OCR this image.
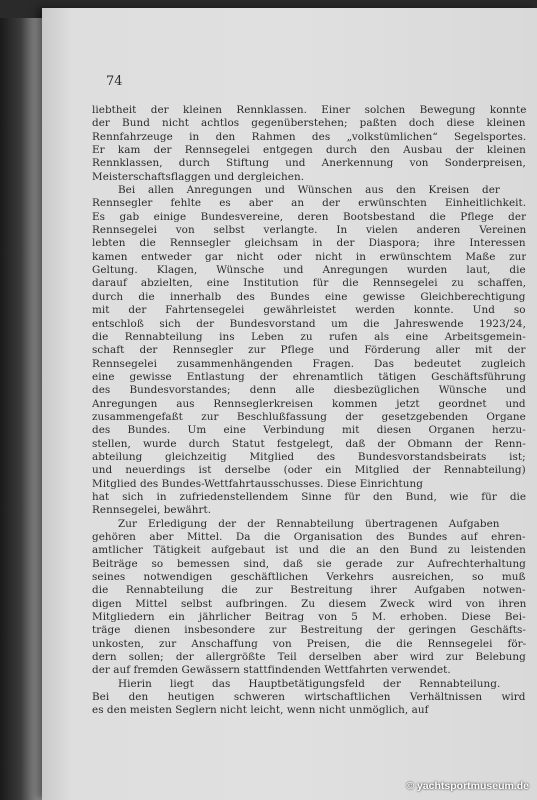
74
liebtheit der kleinen Rennklassen. Einer solchen Bewegung konnte
der Bund nicht achtlos gegenüberstehen; paßten doch diese kleinen
Rennfahrzeuge in den Rahmen des „volkstümlichen“ Segelsportes.
Er kam der Rennsegelei entgegen durch den Ausbau der kleinen
Rennklassen, durch Stiftung und Anerkennung von Sonderpreisen,
Meisterschaftsflaggen und dergleichen.
Bei allen Anregungen und Wünschen aus den Kreisen der
Rennsegler fehlte es aber an der erwünschten Einheitlichkeit.
Es gab einige Bundesvereine, deren Bootsbestand die Pflege der
Rennsegelei von selbst verlangte. In vielen anderen Vereinen
lebten die Rennsegler gleichsam in der Diaspora; ihre Interessen
kamen entweder gar nicht oder nicht in erwünschtem Maße zur
Geltung. Klagen, Wünsche und Anregungen wurden laut, die
darauf abzielten, eine Institution für die Rennsegelei zu schaffen,
durch die innerhalb des Bundes eine gewisse Gleichberechtigung
mit der Fahrtensegelei gewährleistet werden konnte. Und so
entschloß sich der Bundesvorstand um die Jahreswende 1923/24,
die Rennabteilung ins Leben zu rufen als eine Arbeitsgemein-
schaft der Rennsegler zur Pflege und Förderung aller mit der
Rennsegelei zusammenhängenden Fragen. Das bedeutet zugleich
eine gewisse Entlastung der ehrenamtlich tätigen Geschäftsführung
des Bundesvorstandes; denn alle diesbezüglichen Wünsche und
Anregungen aus Rennseglerkreisen kommen jetzt geordnet und
zusammengefaßt zur Beschlußfassung der gesetzgebenden Organe
des Bundes. Um eine Verbindung mit diesen Organen herzu-
stellen, wurde durch Statut festgelegt, daß der Obmann der Renn-
abteilung gleichzeitig Mitglied des Bundesvorstandsbeirats ist;
und neuerdings ist derselbe (oder ein Mitglied der Rennabteilung)
Mitglied des Bundes-Wettfahrtausschusses. Diese Einrichtung
hat sich in zufriedenstellendem Sinne für den Bund, wie für die
Rennsegelei, bewährt.
Zur Erledigung der der Rennabteilung übertragenen Aufgaben
gehören aber Mittel. Da die Organisation des Bundes auf ehren-
amtlicher Tätigkeit aufgebaut ist und die an den Bund zu leistenden
Beiträge so bemessen sind, daß sie gerade zur Aufrechterhaltung
seines notwendigen geschäftlichen Verkehrs ausreichen, so muß
die Rennabteilung die zur Bestreitung ihrer Aufgaben notwen-
digen Mittel selbst aufbringen. Zu diesem Zweck wird von ihren
Mitgliedern ein jährlicher Beitrag von 5 M. erhoben. Diese Bei-
träge dienen insbesondere zur Bestreitung der geringen Geschäfts-
unkosten, zur Anschaffung von Preisen, die die Rennsegelei för-
dern sollen; der allergrößte Teil derselben aber wird zur Belebung
der auf fremden Gewässern stattfindenden Wettfahrten verwendet.
Hierin liegt das Hauptbetätigungsfeld der Rennabteilung.
Bei den heutigen schweren wirtschaftlichen Verhältnissen wird
es den meisten Seglern nicht leicht, wenn nicht unmöglich, auf
© yachtsportmuseum.de
